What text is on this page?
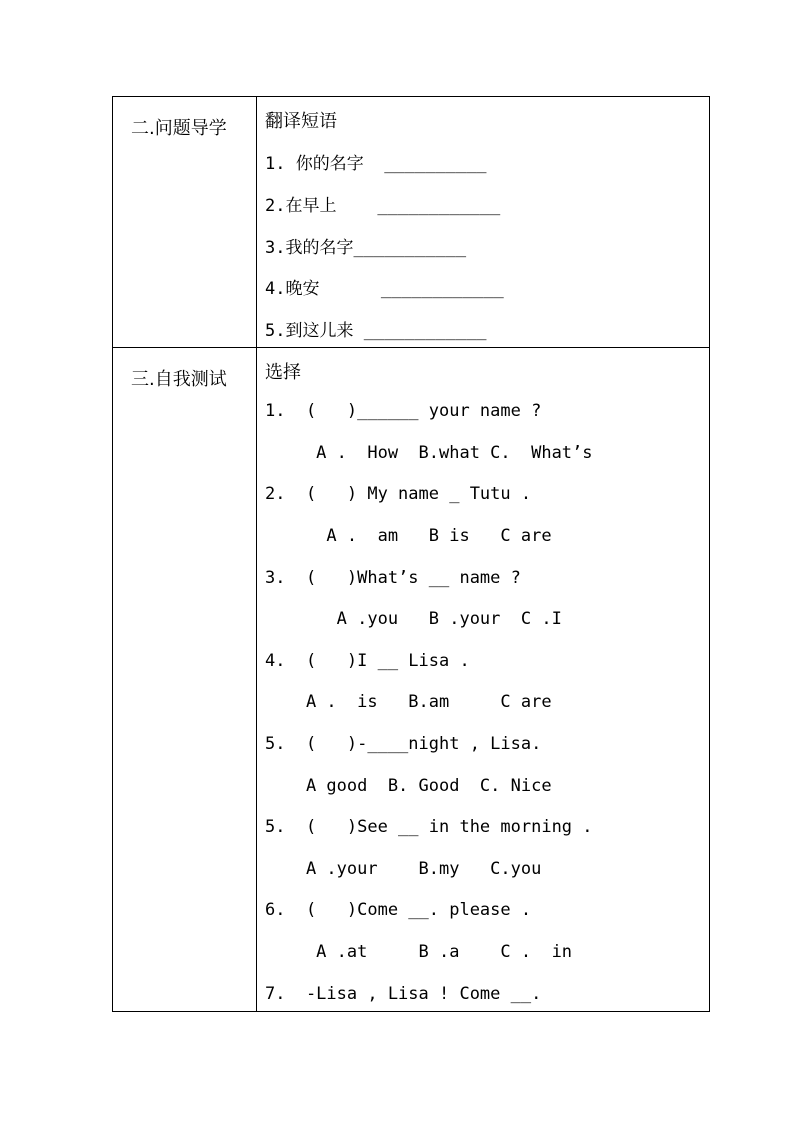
二.问题导学 翻译短语
1. 你的名字  __________
2.在早上    ____________
3.我的名字___________
4.晚安      ____________
5.到这儿来 ____________
三.自我测试 选择
1.  (   )______ your name ?
A .  How  B.what C.  What’s
2.  (   ) My name _ Tutu .
A .  am   B is   C are
3.  (   )What’s __ name ?
A .you   B .your  C .I
4.  (   )I __ Lisa .
A .  is   B.am     C are
5.  (   )-____night , Lisa.
A good  B. Good  C. Nice
5.  (   )See __ in the morning .
A .your    B.my   C.you
6.  (   )Come __. please .
A .at     B .a    C .  in
7.  -Lisa , Lisa ! Come __.
